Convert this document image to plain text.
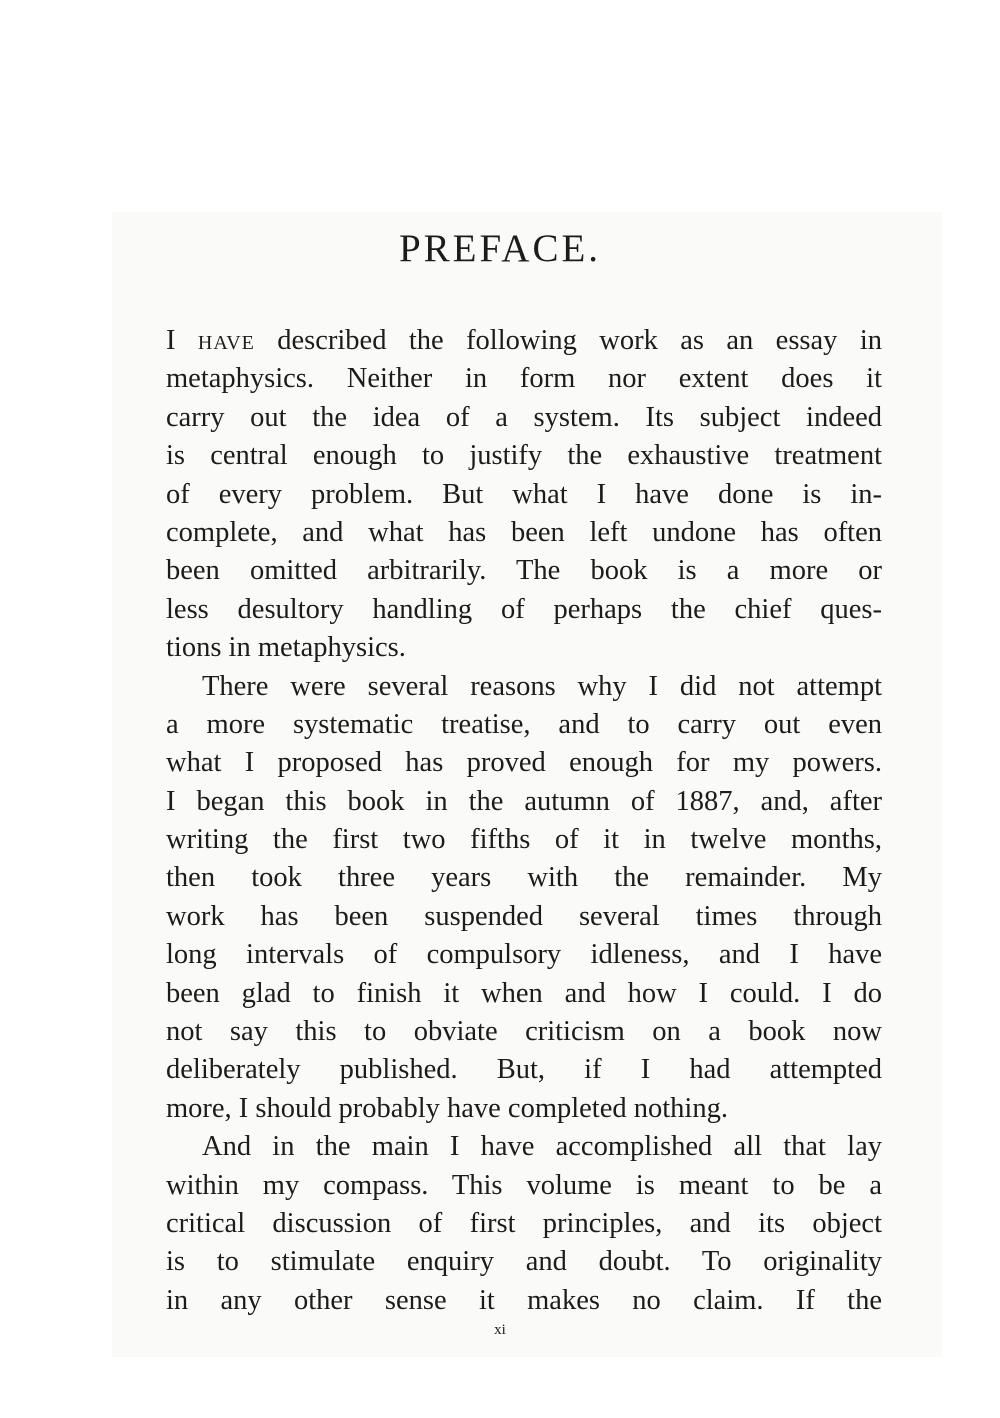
PREFACE.
I have described the following work as an essay in
metaphysics. Neither in form nor extent does it
carry out the idea of a system. Its subject indeed
is central enough to justify the exhaustive treatment
of every problem. But what I have done is in-
complete, and what has been left undone has often
been omitted arbitrarily. The book is a more or
less desultory handling of perhaps the chief ques-
tions in metaphysics.
There were several reasons why I did not attempt
a more systematic treatise, and to carry out even
what I proposed has proved enough for my powers.
I began this book in the autumn of 1887, and, after
writing the first two fifths of it in twelve months,
then took three years with the remainder. My
work has been suspended several times through
long intervals of compulsory idleness, and I have
been glad to finish it when and how I could. I do
not say this to obviate criticism on a book now
deliberately published. But, if I had attempted
more, I should probably have completed nothing.
And in the main I have accomplished all that lay
within my compass. This volume is meant to be a
critical discussion of first principles, and its object
is to stimulate enquiry and doubt. To originality
in any other sense it makes no claim. If the
xi
